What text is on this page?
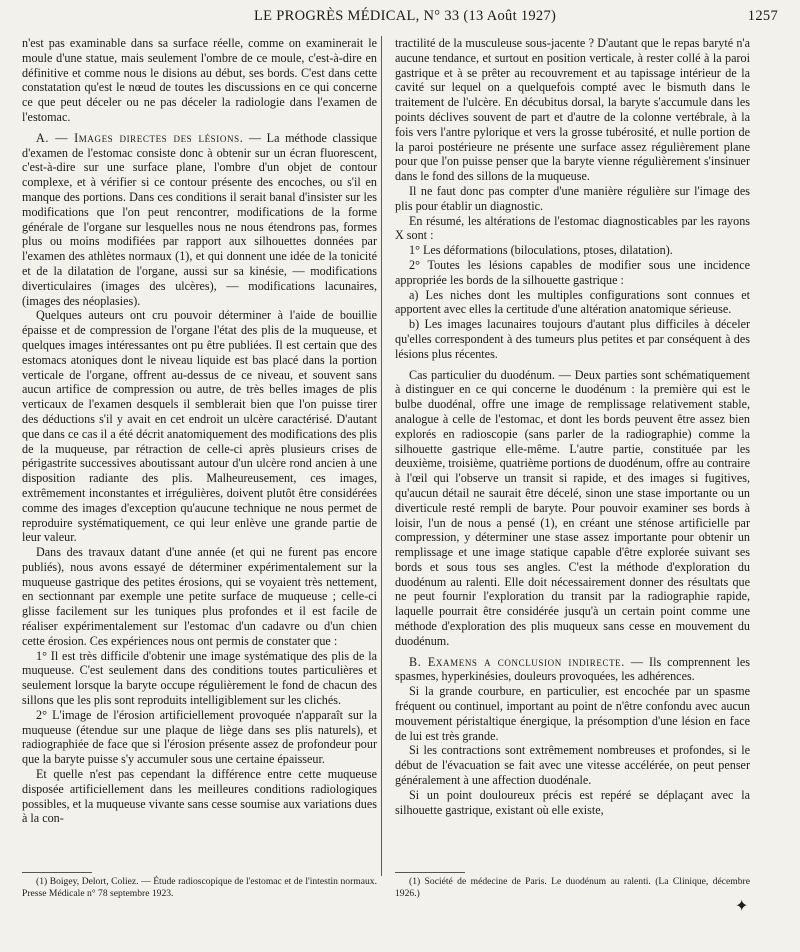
LE PROGRÈS MÉDICAL, N° 33 (13 Août 1927)	1257

n'est pas examinable dans sa surface réelle, comme on examinerait le moule d'une statue, mais seulement l'ombre de ce moule, c'est-à-dire en définitive et comme nous le disions au début, ses bords. C'est dans cette constatation qu'est le nœud de toutes les discussions en ce qui concerne ce que peut déceler ou ne pas déceler la radiologie dans l'examen de l'estomac.

A. — Images directes des lésions. — La méthode classique d'examen de l'estomac consiste donc à obtenir sur un écran fluorescent, c'est-à-dire sur une surface plane, l'ombre d'un objet de contour complexe, et à vérifier si ce contour présente des encoches, ou s'il en manque des portions. Dans ces conditions il serait banal d'insister sur les modifications que l'on peut rencontrer, modifications de la forme générale de l'organe sur lesquelles nous ne nous étendrons pas, formes plus ou moins modifiées par rapport aux silhouettes données par l'examen des athlètes normaux (1), et qui donnent une idée de la tonicité et de la dilatation de l'organe, aussi sur sa kinésie, — modifications diverticulaires (images des ulcères), — modifications lacunaires, (images des néoplasies).

Quelques auteurs ont cru pouvoir déterminer à l'aide de bouillie épaisse et de compression de l'organe l'état des plis de la muqueuse, et quelques images intéressantes ont pu être publiées. Il est certain que des estomacs atoniques dont le niveau liquide est bas placé dans la portion verticale de l'organe, offrent au-dessus de ce niveau, et souvent sans aucun artifice de compression ou autre, de très belles images de plis verticaux de l'examen desquels il semblerait bien que l'on puisse tirer des déductions s'il y avait en cet endroit un ulcère caractérisé. D'autant que dans ce cas il a été décrit anatomiquement des modifications des plis de la muqueuse, par rétraction de celle-ci après plusieurs crises de périgastrite successives aboutissant autour d'un ulcère rond ancien à une disposition radiante des plis. Malheureusement, ces images, extrêmement inconstantes et irrégulières, doivent plutôt être considérées comme des images d'exception qu'aucune technique ne nous permet de reproduire systématiquement, ce qui leur enlève une grande partie de leur valeur.

Dans des travaux datant d'une année (et qui ne furent pas encore publiés), nous avons essayé de déterminer expérimentalement sur la muqueuse gastrique des petites érosions, qui se voyaient très nettement, en sectionnant par exemple une petite surface de muqueuse ; celle-ci glisse facilement sur les tuniques plus profondes et il est facile de réaliser expérimentalement sur l'estomac d'un cadavre ou d'un chien cette érosion. Ces expériences nous ont permis de constater que :

1° Il est très difficile d'obtenir une image systématique des plis de la muqueuse. C'est seulement dans des conditions toutes particulières et seulement lorsque la baryte occupe régulièrement le fond de chacun des sillons que les plis sont reproduits intelligiblement sur les clichés.

2° L'image de l'érosion artificiellement provoquée n'apparaît sur la muqueuse (étendue sur une plaque de liège dans ses plis naturels), et radiographiée de face que si l'érosion présente assez de profondeur pour que la baryte puisse s'y accumuler sous une certaine épaisseur.

Et quelle n'est pas cependant la différence entre cette muqueuse disposée artificiellement dans les meilleures conditions radiologiques possibles, et la muqueuse vivante sans cesse soumise aux variations dues à la con-

(1) Boigey, Delort, Coliez. — Étude radioscopique de l'estomac et de l'intestin normaux. Presse Médicale n° 78 septembre 1923.

tractilité de la musculeuse sous-jacente ? D'autant que le repas baryté n'a aucune tendance, et surtout en position verticale, à rester collé à la paroi gastrique et à se prêter au recouvrement et au tapissage intérieur de la cavité sur lequel on a quelquefois compté avec le bismuth dans le traitement de l'ulcère. En décubitus dorsal, la baryte s'accumule dans les points déclives souvent de part et d'autre de la colonne vertébrale, à la fois vers l'antre pylorique et vers la grosse tubérosité, et nulle portion de la paroi postérieure ne présente une surface assez régulièrement plane pour que l'on puisse penser que la baryte vienne régulièrement s'insinuer dans le fond des sillons de la muqueuse.

Il ne faut donc pas compter d'une manière régulière sur l'image des plis pour établir un diagnostic.

En résumé, les altérations de l'estomac diagnosticables par les rayons X sont :

1° Les déformations (biloculations, ptoses, dilatation).

2° Toutes les lésions capables de modifier sous une incidence appropriée les bords de la silhouette gastrique :

a) Les niches dont les multiples configurations sont connues et apportent avec elles la certitude d'une altération anatomique sérieuse.

b) Les images lacunaires toujours d'autant plus difficiles à déceler qu'elles correspondent à des tumeurs plus petites et par conséquent à des lésions plus récentes.

Cas particulier du duodénum. — Deux parties sont schématiquement à distinguer en ce qui concerne le duodénum : la première qui est le bulbe duodénal, offre une image de remplissage relativement stable, analogue à celle de l'estomac, et dont les bords peuvent être assez bien explorés en radioscopie (sans parler de la radiographie) comme la silhouette gastrique elle-même. L'autre partie, constituée par les deuxième, troisième, quatrième portions de duodénum, offre au contraire à l'œil qui l'observe un transit si rapide, et des images si fugitives, qu'aucun détail ne saurait être décelé, sinon une stase importante ou un diverticule resté rempli de baryte. Pour pouvoir examiner ses bords à loisir, l'un de nous a pensé (1), en créant une sténose artificielle par compression, y déterminer une stase assez importante pour obtenir un remplissage et une image statique capable d'être explorée suivant ses bords et sous tous ses angles. C'est la méthode d'exploration du duodénum au ralenti. Elle doit nécessairement donner des résultats que ne peut fournir l'exploration du transit par la radiographie rapide, laquelle pourrait être considérée jusqu'à un certain point comme une méthode d'exploration des plis muqueux sans cesse en mouvement du duodénum.

B. Examens a conclusion indirecte. — Ils comprennent les spasmes, hyperkinésies, douleurs provoquées, les adhérences.

Si la grande courbure, en particulier, est encochée par un spasme fréquent ou continuel, important au point de n'être confondu avec aucun mouvement péristaltique énergique, la présomption d'une lésion en face de lui est très grande.

Si les contractions sont extrêmement nombreuses et profondes, si le début de l'évacuation se fait avec une vitesse accélérée, on peut penser généralement à une affection duodénale.

Si un point douloureux précis est repéré se déplaçant avec la silhouette gastrique, existant où elle existe,

(1) Société de médecine de Paris. Le duodénum au ralenti. (La Clinique, décembre 1926.)

✦
